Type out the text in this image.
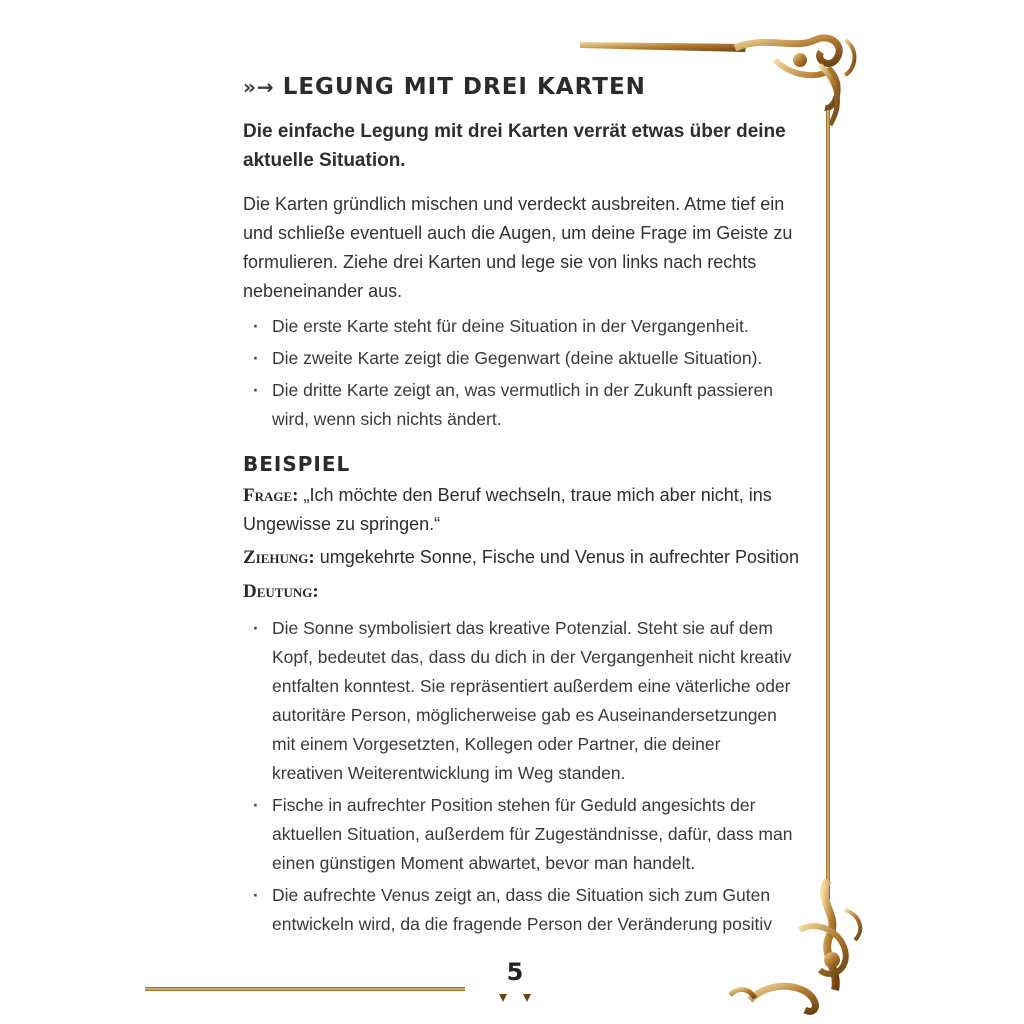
»→ LEGUNG MIT DREI KARTEN

Die einfache Legung mit drei Karten verrät etwas über deine aktuelle Situation.

Die Karten gründlich mischen und verdeckt ausbreiten. Atme tief ein und schließe eventuell auch die Augen, um deine Frage im Geiste zu formulieren. Ziehe drei Karten und lege sie von links nach rechts nebeneinander aus.

· Die erste Karte steht für deine Situation in der Vergangenheit.
· Die zweite Karte zeigt die Gegenwart (deine aktuelle Situation).
· Die dritte Karte zeigt an, was vermutlich in der Zukunft passieren wird, wenn sich nichts ändert.
BEISPIEL

Frage: „Ich möchte den Beruf wechseln, traue mich aber nicht, ins Ungewisse zu springen.“

Ziehung: umgekehrte Sonne, Fische und Venus in aufrechter Position

Deutung:

· Die Sonne symbolisiert das kreative Potenzial. Steht sie auf dem Kopf, bedeutet das, dass du dich in der Vergangenheit nicht kreativ entfalten konntest. Sie repräsentiert außerdem eine väterliche oder autoritäre Person, möglicherweise gab es Auseinandersetzungen mit einem Vorgesetzten, Kollegen oder Partner, die deiner kreativen Weiterentwicklung im Weg standen.
· Fische in aufrechter Position stehen für Geduld angesichts der aktuellen Situation, außerdem für Zugeständnisse, dafür, dass man einen günstigen Moment abwartet, bevor man handelt.
· Die aufrechte Venus zeigt an, dass die Situation sich zum Guten entwickeln wird, da die fragende Person der Veränderung positiv
5
